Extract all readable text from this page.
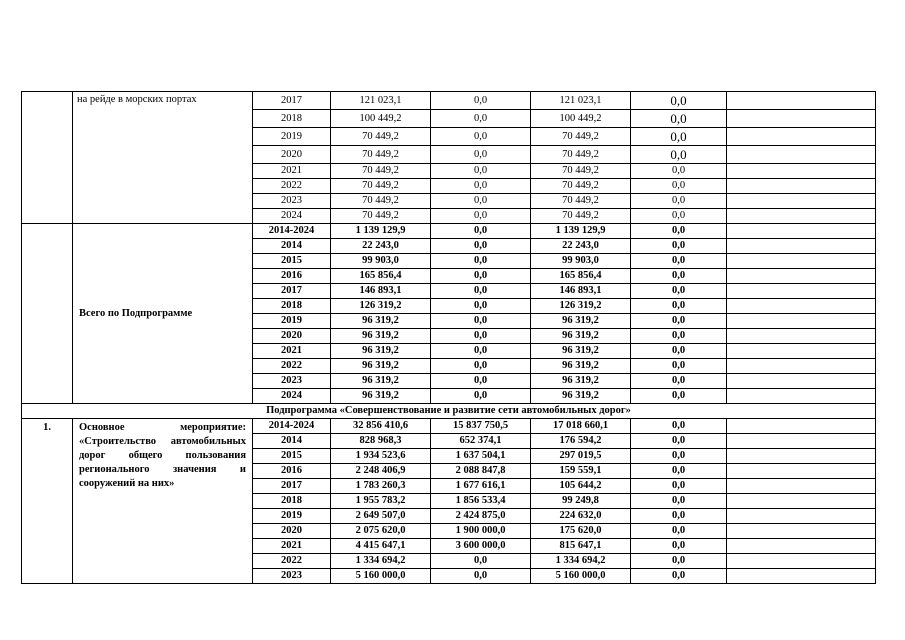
	на рейде в морских портах	2017	121 023,1	0,0	121 023,1	0,0	
		2018	100 449,2	0,0	100 449,2	0,0	
		2019	70 449,2	0,0	70 449,2	0,0	
		2020	70 449,2	0,0	70 449,2	0,0	
		2021	70 449,2	0,0	70 449,2	0,0	
		2022	70 449,2	0,0	70 449,2	0,0	
		2023	70 449,2	0,0	70 449,2	0,0	
		2024	70 449,2	0,0	70 449,2	0,0	
	Всего по Подпрограмме	2014-2024	1 139 129,9	0,0	1 139 129,9	0,0	
		2014	22 243,0	0,0	22 243,0	0,0	
		2015	99 903,0	0,0	99 903,0	0,0	
		2016	165 856,4	0,0	165 856,4	0,0	
		2017	146 893,1	0,0	146 893,1	0,0	
		2018	126 319,2	0,0	126 319,2	0,0	
		2019	96 319,2	0,0	96 319,2	0,0	
		2020	96 319,2	0,0	96 319,2	0,0	
		2021	96 319,2	0,0	96 319,2	0,0	
		2022	96 319,2	0,0	96 319,2	0,0	
		2023	96 319,2	0,0	96 319,2	0,0	
		2024	96 319,2	0,0	96 319,2	0,0	
Подпрограмма «Совершенствование и развитие сети автомобильных дорог»							
1.	Основное мероприятие: «Строительство автомобильных дорог общего пользования регионального значения и сооружений на них»	2014-2024	32 856 410,6	15 837 750,5	17 018 660,1	0,0	
		2014	828 968,3	652 374,1	176 594,2	0,0	
		2015	1 934 523,6	1 637 504,1	297 019,5	0,0	
		2016	2 248 406,9	2 088 847,8	159 559,1	0,0	
		2017	1 783 260,3	1 677 616,1	105 644,2	0,0	
		2018	1 955 783,2	1 856 533,4	99 249,8	0,0	
		2019	2 649 507,0	2 424 875,0	224 632,0	0,0	
		2020	2 075 620,0	1 900 000,0	175 620,0	0,0	
		2021	4 415 647,1	3 600 000,0	815 647,1	0,0	
		2022	1 334 694,2	0,0	1 334 694,2	0,0	
		2023	5 160 000,0	0,0	5 160 000,0	0,0	
